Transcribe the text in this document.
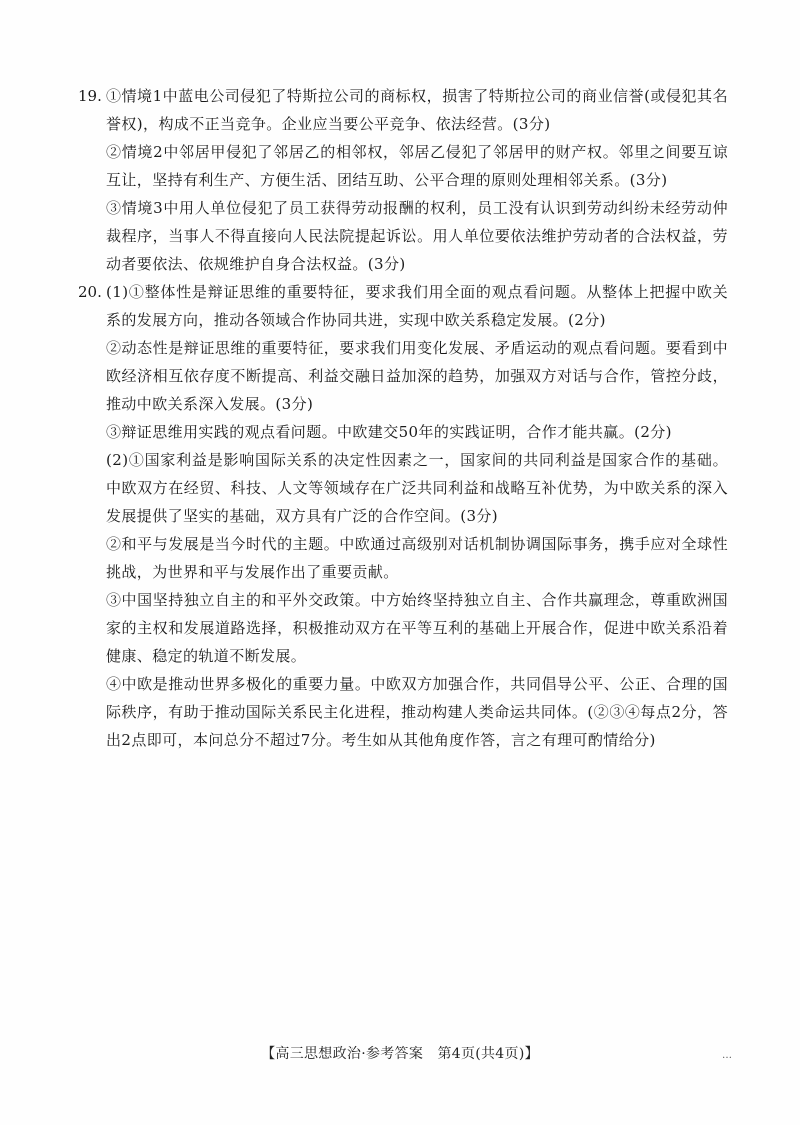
19. ①情境1中蓝电公司侵犯了特斯拉公司的商标权，损害了特斯拉公司的商业信誉(或侵犯其名誉权)，构成不正当竞争。企业应当要公平竞争、依法经营。(3分)

②情境2中邻居甲侵犯了邻居乙的相邻权，邻居乙侵犯了邻居甲的财产权。邻里之间要互谅互让，坚持有利生产、方便生活、团结互助、公平合理的原则处理相邻关系。(3分)

③情境3中用人单位侵犯了员工获得劳动报酬的权利，员工没有认识到劳动纠纷未经劳动仲裁程序，当事人不得直接向人民法院提起诉讼。用人单位要依法维护劳动者的合法权益，劳动者要依法、依规维护自身合法权益。(3分)

20. (1)①整体性是辩证思维的重要特征，要求我们用全面的观点看问题。从整体上把握中欧关系的发展方向，推动各领域合作协同共进，实现中欧关系稳定发展。(2分)

②动态性是辩证思维的重要特征，要求我们用变化发展、矛盾运动的观点看问题。要看到中欧经济相互依存度不断提高、利益交融日益加深的趋势，加强双方对话与合作，管控分歧，推动中欧关系深入发展。(3分)

③辩证思维用实践的观点看问题。中欧建交50年的实践证明，合作才能共赢。(2分)

(2)①国家利益是影响国际关系的决定性因素之一，国家间的共同利益是国家合作的基础。中欧双方在经贸、科技、人文等领域存在广泛共同利益和战略互补优势，为中欧关系的深入发展提供了坚实的基础，双方具有广泛的合作空间。(3分)

②和平与发展是当今时代的主题。中欧通过高级别对话机制协调国际事务，携手应对全球性挑战，为世界和平与发展作出了重要贡献。

③中国坚持独立自主的和平外交政策。中方始终坚持独立自主、合作共赢理念，尊重欧洲国家的主权和发展道路选择，积极推动双方在平等互利的基础上开展合作，促进中欧关系沿着健康、稳定的轨道不断发展。

④中欧是推动世界多极化的重要力量。中欧双方加强合作，共同倡导公平、公正、合理的国际秩序，有助于推动国际关系民主化进程，推动构建人类命运共同体。(②③④每点2分，答出2点即可，本问总分不超过7分。考生如从其他角度作答，言之有理可酌情给分)

【高三思想政治·参考答案　第4页(共4页)】	…
